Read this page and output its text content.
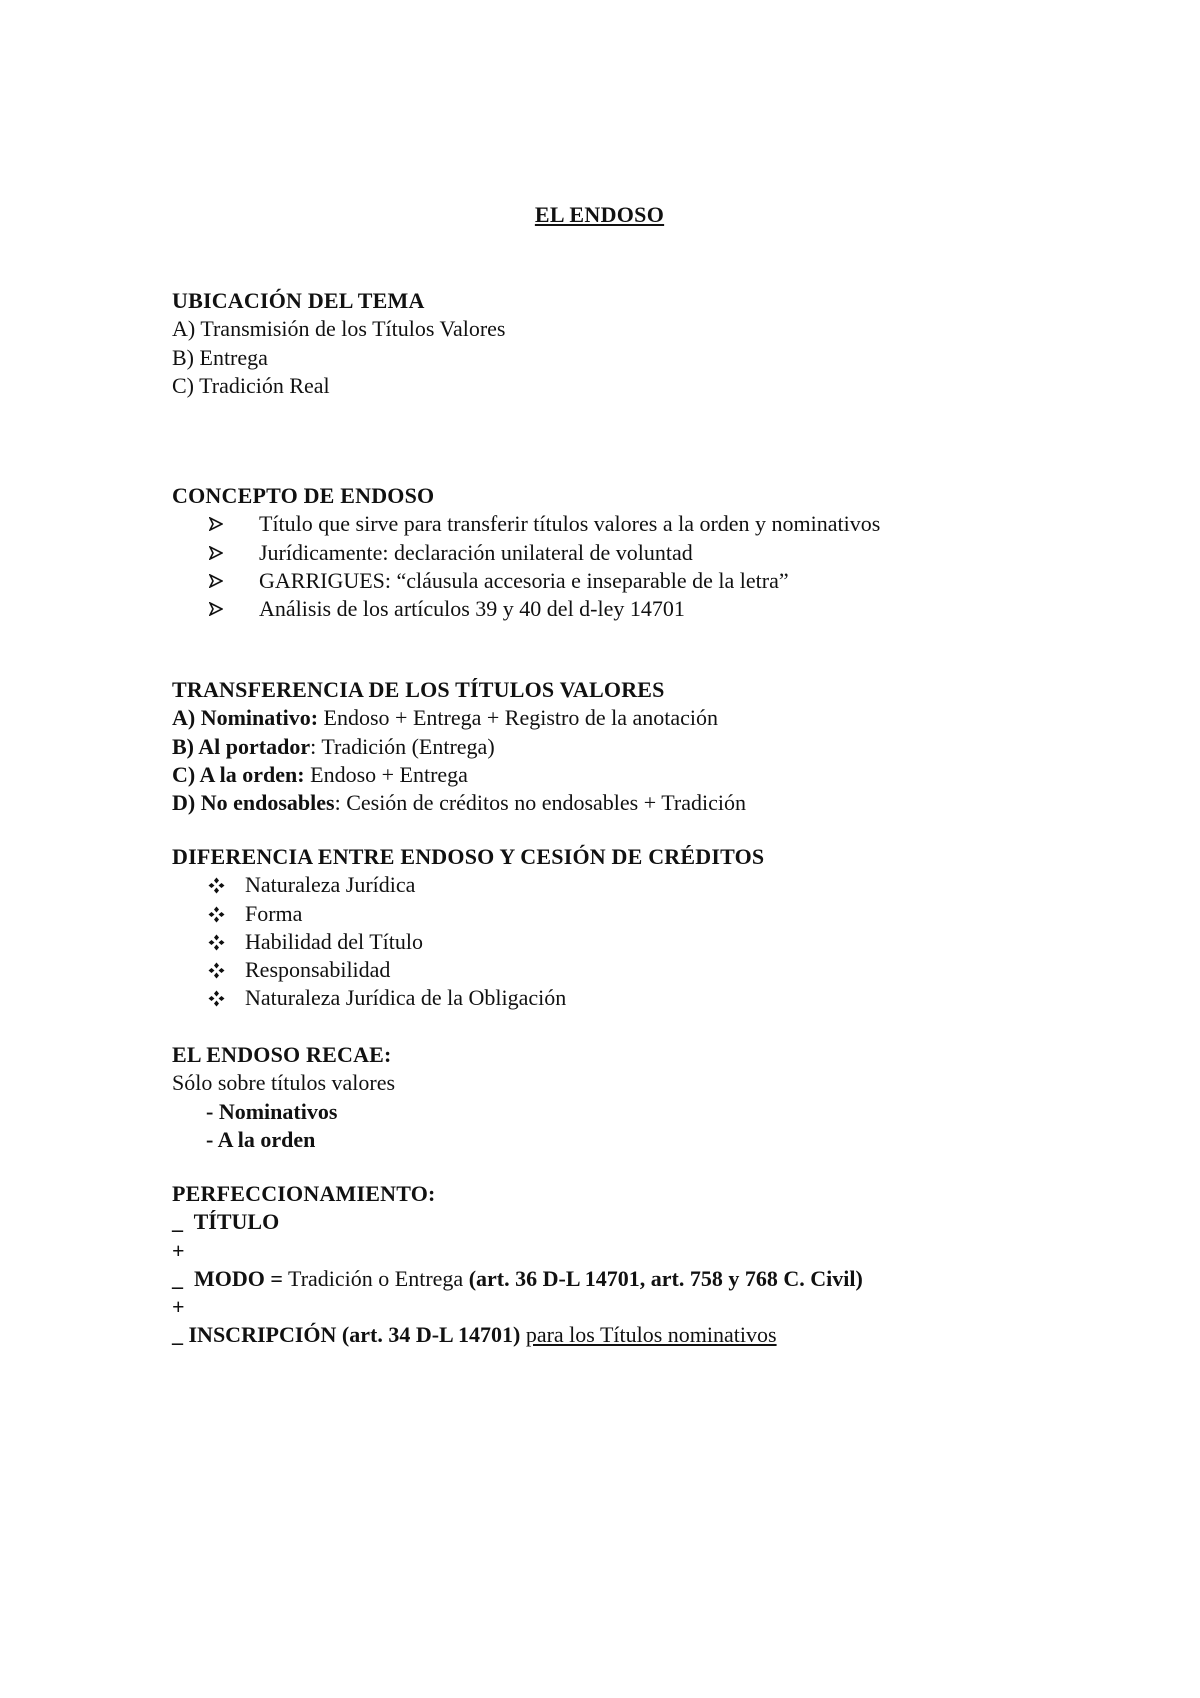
EL ENDOSO
UBICACIÓN DEL TEMA
A) Transmisión de los Títulos Valores
B) Entrega
C) Tradición Real
CONCEPTO DE ENDOSO
Título que sirve para transferir títulos valores a la orden y nominativos
Jurídicamente: declaración unilateral de voluntad
GARRIGUES: “cláusula accesoria e inseparable de la letra”
Análisis de los artículos 39 y 40 del d-ley 14701
TRANSFERENCIA DE LOS TÍTULOS VALORES
A) Nominativo: Endoso + Entrega + Registro de la anotación
B) Al portador: Tradición (Entrega)
C) A la orden: Endoso + Entrega
D) No endosables: Cesión de créditos no endosables + Tradición
DIFERENCIA ENTRE ENDOSO Y CESIÓN DE CRÉDITOS
Naturaleza Jurídica
Forma
Habilidad del Título
Responsabilidad
Naturaleza Jurídica de la Obligación
EL ENDOSO RECAE:
Sólo sobre títulos valores
- Nominativos
- A la orden
PERFECCIONAMIENTO:
_  TÍTULO
+
_  MODO = Tradición o Entrega (art. 36 D-L 14701, art. 758 y 768 C. Civil)
+
_ INSCRIPCIÓN (art. 34 D-L 14701) para los Títulos nominativos
